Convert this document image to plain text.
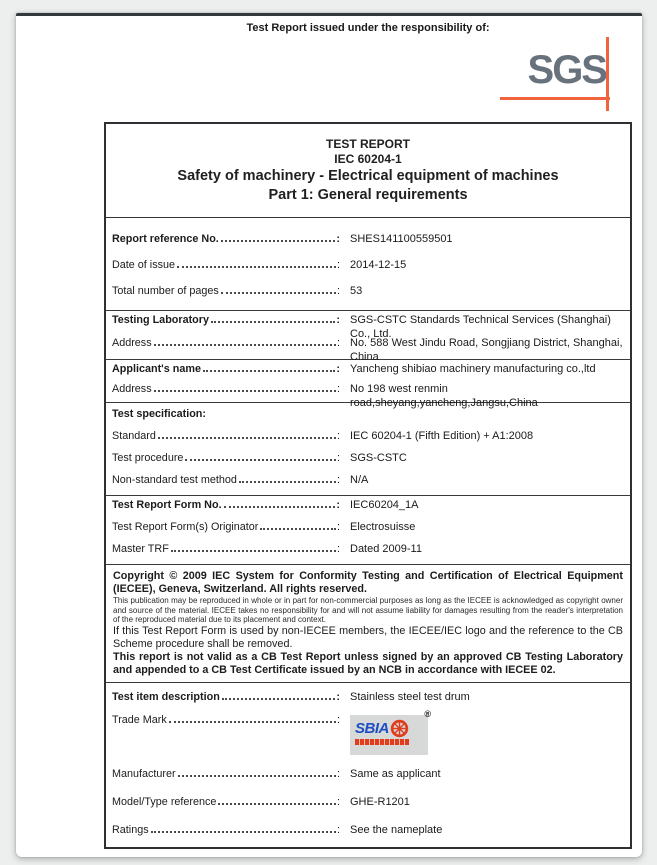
Test Report issued under the responsibility of:
SGS
TEST REPORT
IEC 60204-1
Safety of machinery - Electrical equipment of machines
Part 1: General requirements
Report reference No.	: SHES141100559501
Date of issue	: 2014-12-15
Total number of pages	: 53
Testing Laboratory	: SGS-CSTC Standards Technical Services (Shanghai) Co., Ltd.
Address	: No. 588 West Jindu Road, Songjiang District, Shanghai, China
Applicant's name	: Yancheng shibiao machinery manufacturing co.,ltd
Address	: No 198 west renmin road,sheyang,yancheng,Jangsu,China
Test specification:
Standard	: IEC 60204-1 (Fifth Edition) + A1:2008
Test procedure	: SGS-CSTC
Non-standard test method	: N/A
Test Report Form No.	: IEC60204_1A
Test Report Form(s) Originator	: Electrosuisse
Master TRF	: Dated 2009-11

Copyright © 2009 IEC System for Conformity Testing and Certification of Electrical Equipment (IECEE), Geneva, Switzerland. All rights reserved.

This publication may be reproduced in whole or in part for non-commercial purposes as long as the IECEE is acknowledged as copyright owner and source of the material. IECEE takes no responsibility for and will not assume liability for damages resulting from the reader's interpretation of the reproduced material due to its placement and context.

If this Test Report Form is used by non-IECEE members, the IECEE/IEC logo and the reference to the CB Scheme procedure shall be removed.

This report is not valid as a CB Test Report unless signed by an approved CB Testing Laboratory and appended to a CB Test Certificate issued by an NCB in accordance with IECEE 02.

Test item description	: Stainless steel test drum
Trade Mark	:	®
SBIA
Manufacturer	: Same as applicant
Model/Type reference	: GHE-R1201
Ratings	: See the nameplate
